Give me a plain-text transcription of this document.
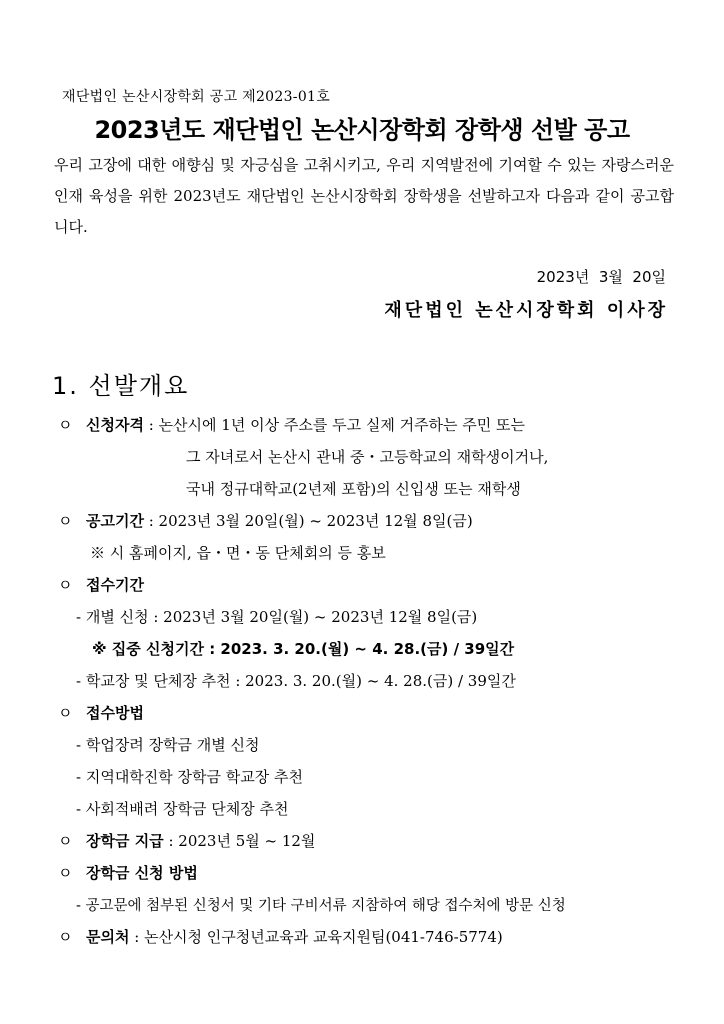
재단법인 논산시장학회 공고 제2023-01호
2023년도 재단법인 논산시장학회 장학생 선발 공고
우리 고장에 대한 애향심 및 자긍심을 고취시키고, 우리 지역발전에 기여할 수 있는 자랑스러운 인재 육성을 위한 2023년도 재단법인 논산시장학회 장학생을 선발하고자 다음과 같이 공고합니다.
2023년  3월  20일
재단법인 논산시장학회 이사장
1. 선발개요
ㅇ 신청자격 : 논산시에 1년 이상 주소를 두고 실제 거주하는 주민 또는
그 자녀로서 논산시 관내 중・고등학교의 재학생이거나,
국내 정규대학교(2년제 포함)의 신입생 또는 재학생
ㅇ 공고기간 : 2023년 3월 20일(월) ~ 2023년 12월 8일(금)
※ 시 홈페이지, 읍・면・동 단체회의 등 홍보
ㅇ 접수기간
- 개별 신청 : 2023년 3월 20일(월) ~ 2023년 12월 8일(금)
※ 집중 신청기간 : 2023. 3. 20.(월) ~ 4. 28.(금) / 39일간
- 학교장 및 단체장 추천 : 2023. 3. 20.(월) ~ 4. 28.(금) / 39일간
ㅇ 접수방법
- 학업장려 장학금 개별 신청
- 지역대학진학 장학금 학교장 추천
- 사회적배려 장학금 단체장 추천
ㅇ 장학금 지급 : 2023년 5월 ~ 12월
ㅇ 장학금 신청 방법
- 공고문에 첨부된 신청서 및 기타 구비서류 지참하여 해당 접수처에 방문 신청
ㅇ 문의처 : 논산시청 인구청년교육과 교육지원팀(041-746-5774)
